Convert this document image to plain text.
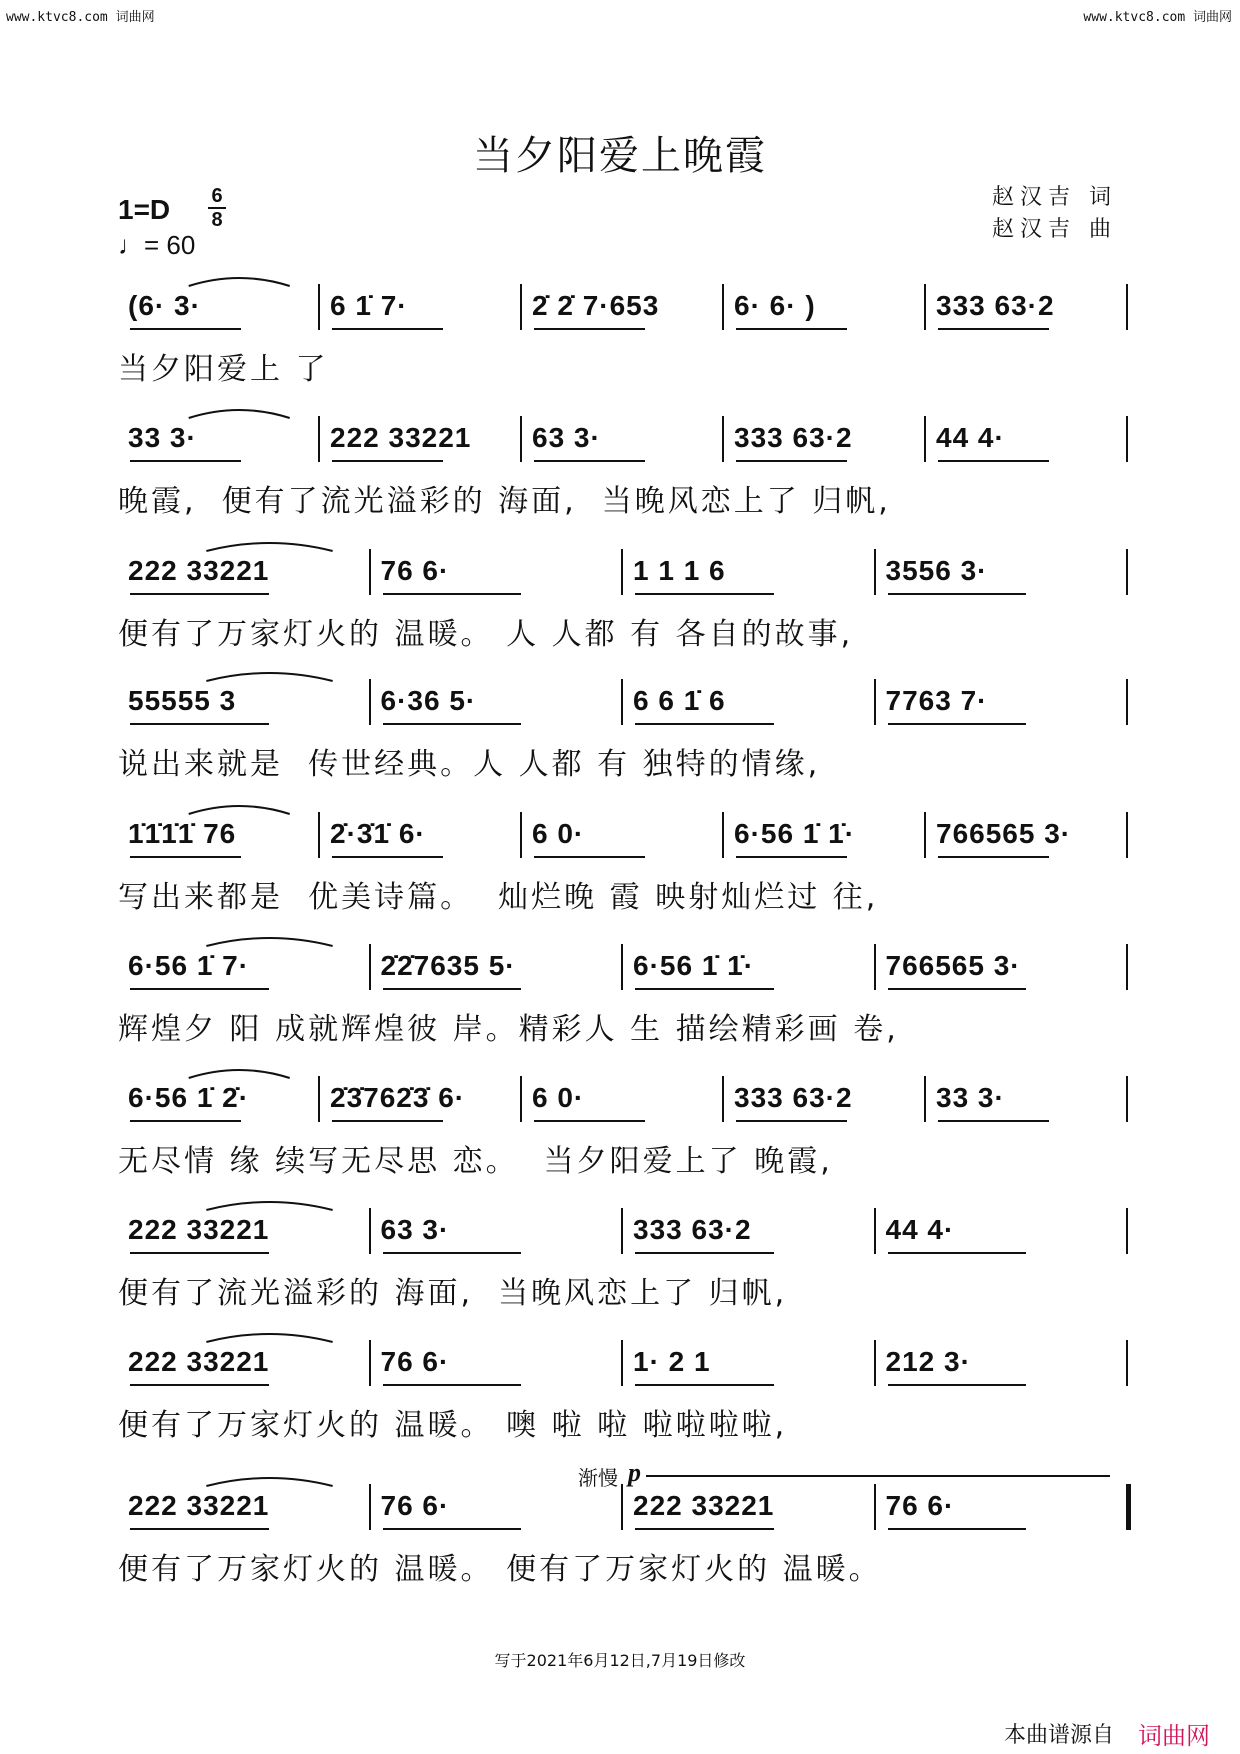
www.ktvc8.com 词曲网	www.ktvc8.com 词曲网
当夕阳爱上晚霞
赵汉吉 词
赵汉吉 曲
1=D 6
8
♩= 60
渐慢 p
(6· 3·	6 1̇ 7·	2̇ 2̇ 7·653	6· 6· )	333 63·2
当夕阳爱上 了
33 3·	222 33221	63 3·	333 63·2	44 4·
晚霞,  便有了流光溢彩的 海面,  当晚风恋上了 归帆,
222 33221	76 6·	1 1 1 6	3556 3·
便有了万家灯火的 温暖。 人 人都 有 各自的故事,
55555 3	6·36 5·	6 6 1̇ 6	7763 7·
说出来就是  传世经典。人 人都 有 独特的情缘,
1̇1̇1̇1̇ 76	2̇·3̇1̇ 6·	6 0·	6·56 1̇ 1̇·	766565 3·
写出来都是  优美诗篇。  灿烂晚 霞 映射灿烂过 往,
6·56 1̇ 7·	2̇2̇7635 5·	6·56 1̇ 1̇·	766565 3·
辉煌夕 阳 成就辉煌彼 岸。精彩人 生 描绘精彩画 卷,
6·56 1̇ 2̇·	2̇3̇762̇3̇ 6·	6 0·	333 63·2	33 3·
无尽情 缘 续写无尽思 恋。  当夕阳爱上了 晚霞,
222 33221	63 3·	333 63·2	44 4·
便有了流光溢彩的 海面,  当晚风恋上了 归帆,
222 33221	76 6·	1· 2 1	212 3·
便有了万家灯火的 温暖。 噢 啦 啦 啦啦啦啦,
222 33221	76 6·	222 33221	76 6·
便有了万家灯火的 温暖。 便有了万家灯火的 温暖。
写于2021年6月12日,7月19日修改
本曲谱源自 词曲网
